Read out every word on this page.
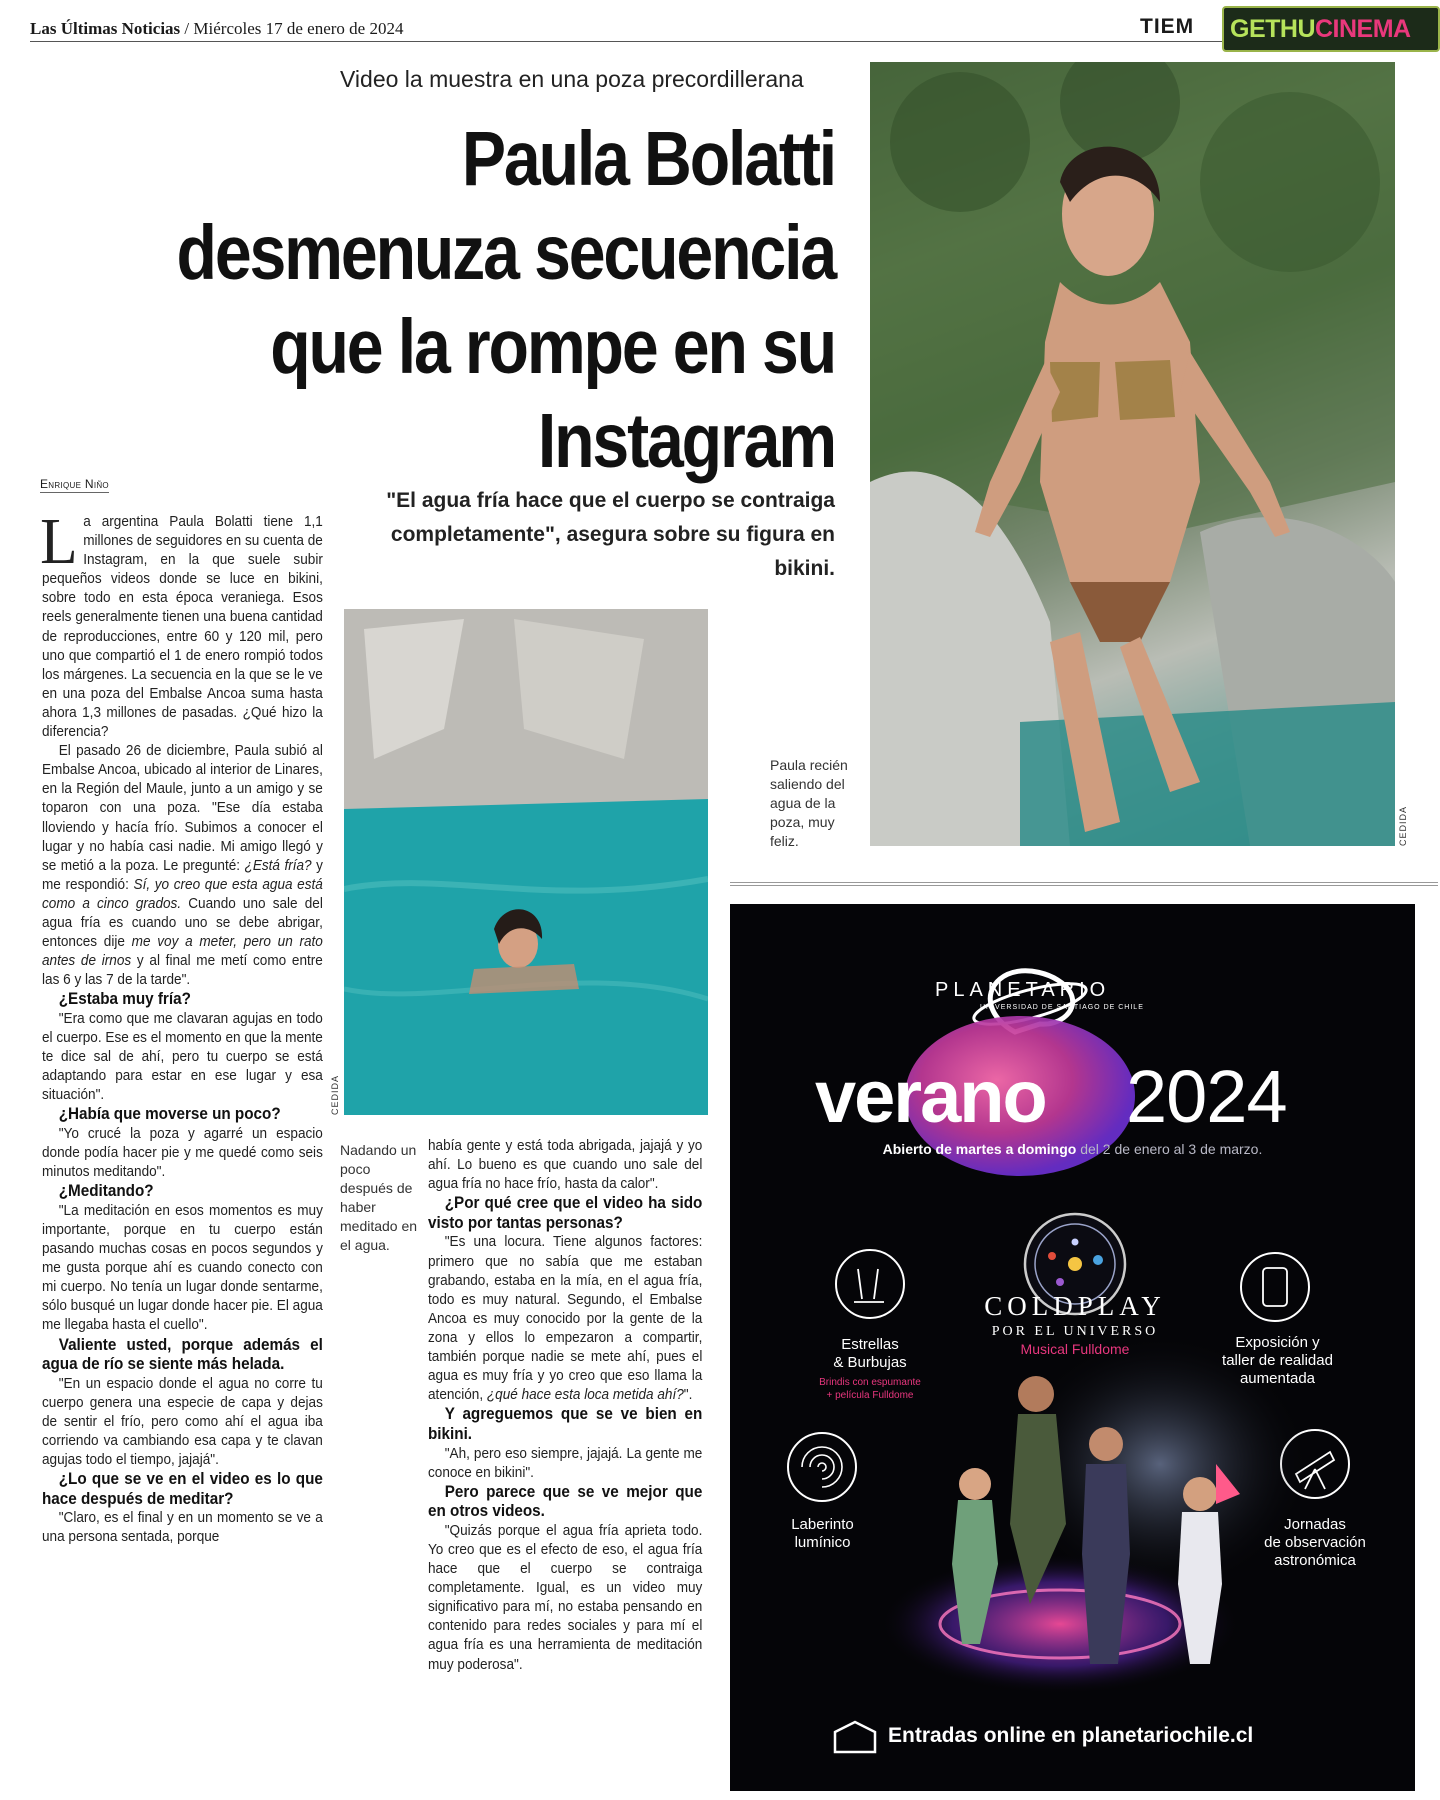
Las Últimas Noticias / Miércoles 17 de enero de 2024	TIEM GETHU CINEMA
Video la muestra en una poza precordillerana
Paula Bolatti
desmenuza secuencia
que la rompe en su
Instagram
Enrique Niño
"El agua fría hace que el cuerpo se contraiga completamente", asegura sobre su figura en bikini.
CEDIDA
Paula recién saliendo del agua de la poza, muy feliz.
CEDIDA
Nadando un poco después de haber meditado en el agua.

La argentina Paula Bolatti tiene 1,1 millones de seguidores en su cuenta de Instagram, en la que suele subir pequeños videos donde se luce en bikini, sobre todo en esta época veraniega. Esos reels generalmente tienen una buena cantidad de reproducciones, entre 60 y 120 mil, pero uno que compartió el 1 de enero rompió todos los márgenes. La secuencia en la que se le ve en una poza del Embalse Ancoa suma hasta ahora 1,3 millones de pasadas. ¿Qué hizo la diferencia?

El pasado 26 de diciembre, Paula subió al Embalse Ancoa, ubicado al interior de Linares, en la Región del Maule, junto a un amigo y se toparon con una poza. "Ese día estaba lloviendo y hacía frío. Subimos a conocer el lugar y no había casi nadie. Mi amigo llegó y se metió a la poza. Le pregunté: ¿Está fría? y me respondió: Sí, yo creo que esta agua está como a cinco grados. Cuando uno sale del agua fría es cuando uno se debe abrigar, entonces dije me voy a meter, pero un rato antes de irnos y al final me metí como entre las 6 y las 7 de la tarde".

¿Estaba muy fría?

"Era como que me clavaran agujas en todo el cuerpo. Ese es el momento en que la mente te dice sal de ahí, pero tu cuerpo se está adaptando para estar en ese lugar y esa situación".

¿Había que moverse un poco?

"Yo crucé la poza y agarré un espacio donde podía hacer pie y me quedé como seis minutos meditando".

¿Meditando?

"La meditación en esos momentos es muy importante, porque en tu cuerpo están pasando muchas cosas en pocos segundos y me gusta porque ahí es cuando conecto con mi cuerpo. No tenía un lugar donde sentarme, sólo busqué un lugar donde hacer pie. El agua me llegaba hasta el cuello".

Valiente usted, porque además el agua de río se siente más helada.

"En un espacio donde el agua no corre tu cuerpo genera una especie de capa y dejas de sentir el frío, pero como ahí el agua iba corriendo va cambiando esa capa y te clavan agujas todo el tiempo, jajajá".

¿Lo que se ve en el video es lo que hace después de meditar?

"Claro, es el final y en un momento se ve a una persona sentada, porque

había gente y está toda abrigada, jajajá y yo ahí. Lo bueno es que cuando uno sale del agua fría no hace frío, hasta da calor".

¿Por qué cree que el video ha sido visto por tantas personas?

"Es una locura. Tiene algunos factores: primero que no sabía que me estaban grabando, estaba en la mía, en el agua fría, todo es muy natural. Segundo, el Embalse Ancoa es muy conocido por la gente de la zona y ellos lo empezaron a compartir, también porque nadie se mete ahí, pues el agua es muy fría y yo creo que eso llama la atención, ¿qué hace esta loca metida ahí?".

Y agreguemos que se ve bien en bikini.

"Ah, pero eso siempre, jajajá. La gente me conoce en bikini".

Pero parece que se ve mejor que en otros videos.

"Quizás porque el agua fría aprieta todo. Yo creo que es el efecto de eso, el agua fría hace que el cuerpo se contraiga completamente. Igual, es un video muy significativo para mí, no estaba pensando en contenido para redes sociales y para mí el agua fría es una herramienta de meditación muy poderosa".

PLANETARIO
UNIVERSIDAD DE SANTIAGO DE CHILE
verano 2024
Abierto de martes a domingo del 2 de enero al 3 de marzo.
COLDPLAY
POR EL UNIVERSO
Musical Fulldome
Estrellas
& Burbujas
Brindis con espumante
+ película Fulldome
Exposición y
taller de realidad
aumentada
Laberinto
lumínico
Jornadas
de observación
astronómica
Entradas online en planetariochile.cl
